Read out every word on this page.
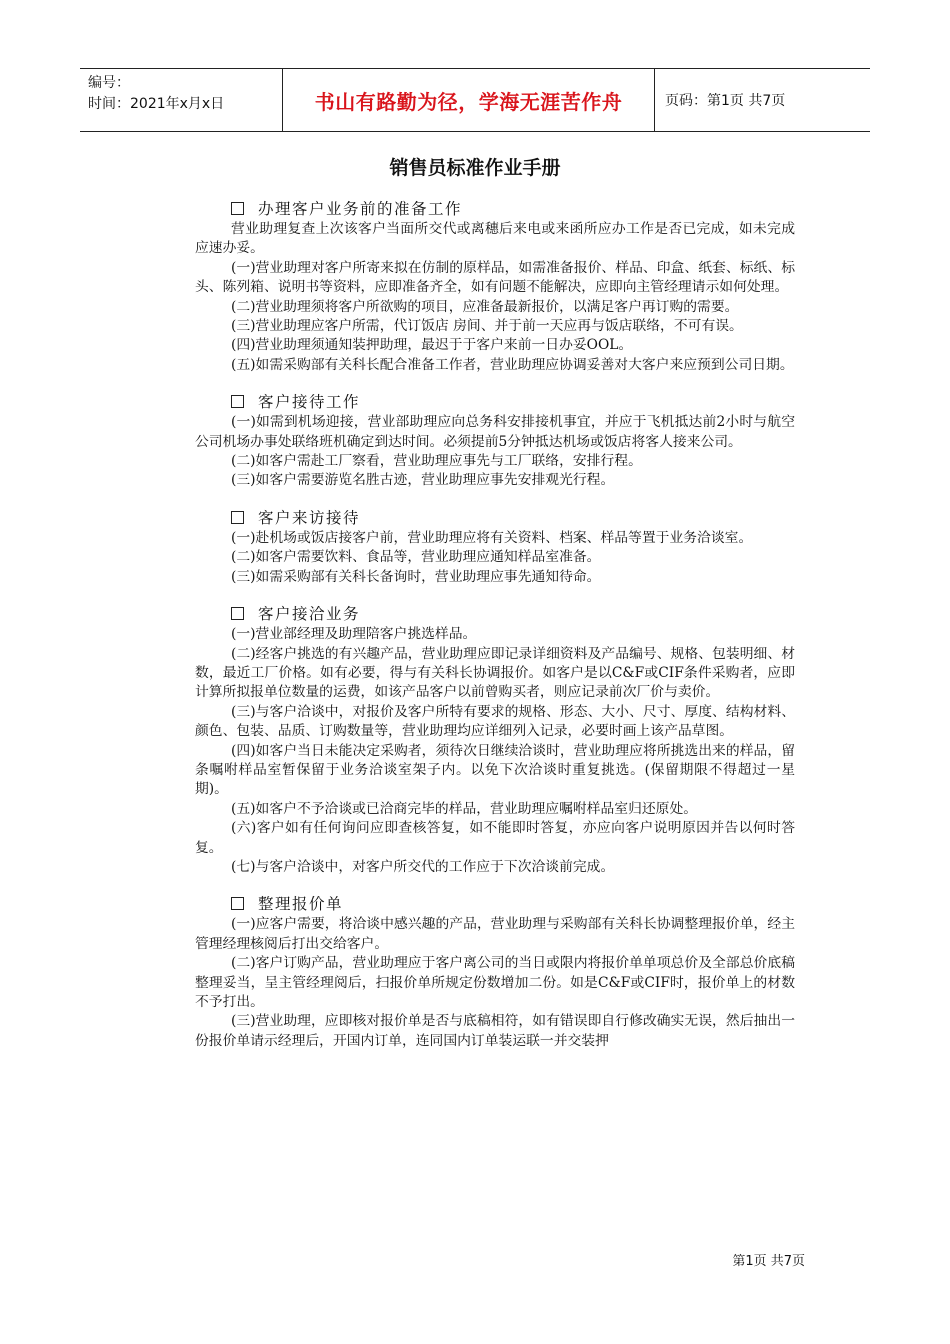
编号：
时间：2021年x月x日	书山有路勤为径，学海无涯苦作舟	页码：第1页 共7页
销售员标准作业手册
办理客户业务前的准备工作

营业助理复查上次该客户当面所交代或离穗后来电或来函所应办工作是否已完成，如未完成应速办妥。

(一)营业助理对客户所寄来拟在仿制的原样品，如需准备报价、样品、印盒、纸套、标纸、标头、陈列箱、说明书等资料，应即准备齐全，如有问题不能解决，应即向主管经理请示如何处理。

(二)营业助理须将客户所欲购的项目，应准备最新报价，以满足客户再订购的需要。

(三)营业助理应客户所需，代订饭店 房间、并于前一天应再与饭店联络，不可有误。

(四)营业助理须通知装押助理，最迟于于客户来前一日办妥OOL。

(五)如需采购部有关科长配合准备工作者，营业助理应协调妥善对大客户来应预到公司日期。

客户接待工作

(一)如需到机场迎接，营业部助理应向总务科安排接机事宜，并应于飞机抵达前2小时与航空公司机场办事处联络班机确定到达时间。必须提前5分钟抵达机场或饭店将客人接来公司。

(二)如客户需赴工厂察看，营业助理应事先与工厂联络，安排行程。

(三)如客户需要游览名胜古迹，营业助理应事先安排观光行程。

客户来访接待

(一)赴机场或饭店接客户前，营业助理应将有关资料、档案、样品等置于业务洽谈室。

(二)如客户需要饮料、食品等，营业助理应通知样品室准备。

(三)如需采购部有关科长备询时，营业助理应事先通知待命。

客户接洽业务

(一)营业部经理及助理陪客户挑选样品。

(二)经客户挑选的有兴趣产品，营业助理应即记录详细资料及产品编号、规格、包装明细、材数，最近工厂价格。如有必要，得与有关科长协调报价。如客户是以C&F或CIF条件采购者，应即计算所拟报单位数量的运费，如该产品客户以前曾购买者，则应记录前次厂价与卖价。

(三)与客户洽谈中，对报价及客户所特有要求的规格、形态、大小、尺寸、厚度、结构材料、颜色、包装、品质、订购数量等，营业助理均应详细列入记录，必要时画上该产品草图。

(四)如客户当日未能决定采购者，须待次日继续洽谈时，营业助理应将所挑选出来的样品，留条嘱咐样品室暂保留于业务洽谈室架子内。以免下次洽谈时重复挑选。(保留期限不得超过一星期)。

(五)如客户不予洽谈或已洽商完毕的样品，营业助理应嘱咐样品室归还原处。

(六)客户如有任何询问应即查核答复，如不能即时答复，亦应向客户说明原因并告以何时答复。

(七)与客户洽谈中，对客户所交代的工作应于下次洽谈前完成。

整理报价单

(一)应客户需要，将洽谈中感兴趣的产品，营业助理与采购部有关科长协调整理报价单，经主管理经理核阅后打出交给客户。

(二)客户订购产品，营业助理应于客户离公司的当日或限内将报价单单项总价及全部总价底稿整理妥当，呈主管经理阅后，扫报价单所规定份数增加二份。如是C&F或CIF时，报价单上的材数不予打出。

(三)营业助理，应即核对报价单是否与底稿相符，如有错误即自行修改确实无误，然后抽出一份报价单请示经理后，开国内订单，连同国内订单装运联一并交装押

第1页 共7页
